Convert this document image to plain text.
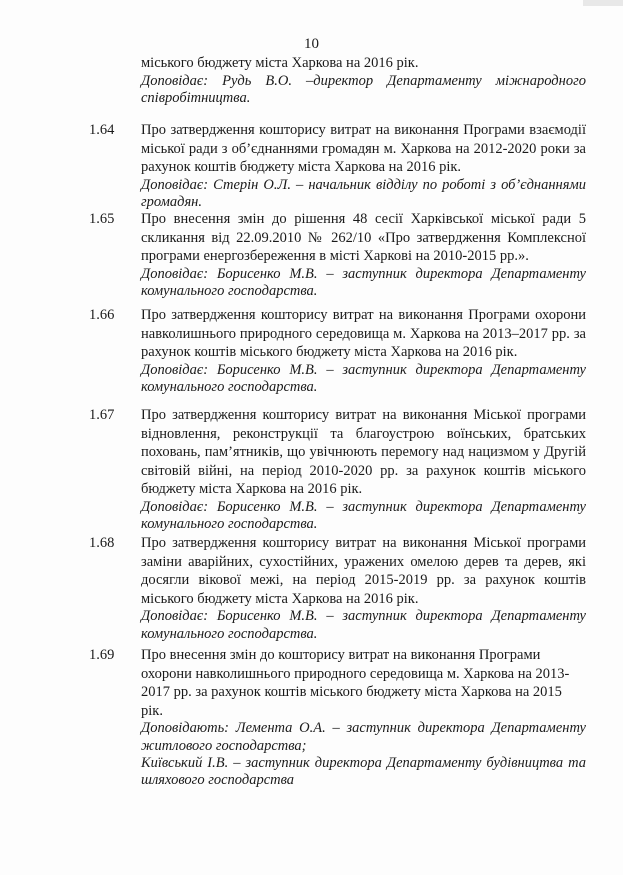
10

міського бюджету міста Харкова на 2016 рік.

Доповідає: Рудь В.О. –директор Департаменту міжнародного співробітництва.

1.64 Про затвердження кошторису витрат на виконання Програми взаємодії міської ради з об’єднаннями громадян м. Харкова на 2012-2020 роки за рахунок коштів бюджету міста Харкова на 2016 рік.

Доповідає: Стерін О.Л. – начальник відділу по роботі з об’єднаннями громадян.

1.65 Про внесення змін до рішення 48 сесії Харківської міської ради 5 скликання від 22.09.2010 № 262/10 «Про затвердження Комплексної програми енергозбереження в місті Харкові на 2010-2015 рр.».

Доповідає: Борисенко М.В. – заступник директора Департаменту комунального господарства.

1.66 Про затвердження кошторису витрат на виконання Програми охорони навколишнього природного середовища м. Харкова на 2013–2017 рр. за рахунок коштів міського бюджету міста Харкова на 2016 рік.

Доповідає: Борисенко М.В. – заступник директора Департаменту комунального господарства.

1.67 Про затвердження кошторису витрат на виконання Міської програми відновлення, реконструкції та благоустрою воїнських, братських поховань, пам’ятників, що увічнюють перемогу над нацизмом у Другій світовій війні, на період 2010-2020 рр. за рахунок коштів міського бюджету міста Харкова на 2016 рік.

Доповідає: Борисенко М.В. – заступник директора Департаменту комунального господарства.

1.68 Про затвердження кошторису витрат на виконання Міської програми заміни аварійних, сухостійних, уражених омелою дерев та дерев, які досягли вікової межі, на період 2015-2019 рр. за рахунок коштів міського бюджету міста Харкова на 2016 рік.

Доповідає: Борисенко М.В. – заступник директора Департаменту комунального господарства.

1.69 Про внесення змін до кошторису витрат на виконання Програми охорони навколишнього природного середовища м. Харкова на 2013-2017 рр. за рахунок коштів міського бюджету міста Харкова на 2015 рік.

Доповідають: Лемента О.А. – заступник директора Департаменту житлового господарства;

Київський І.В. – заступник директора Департаменту будівництва та шляхового господарства
